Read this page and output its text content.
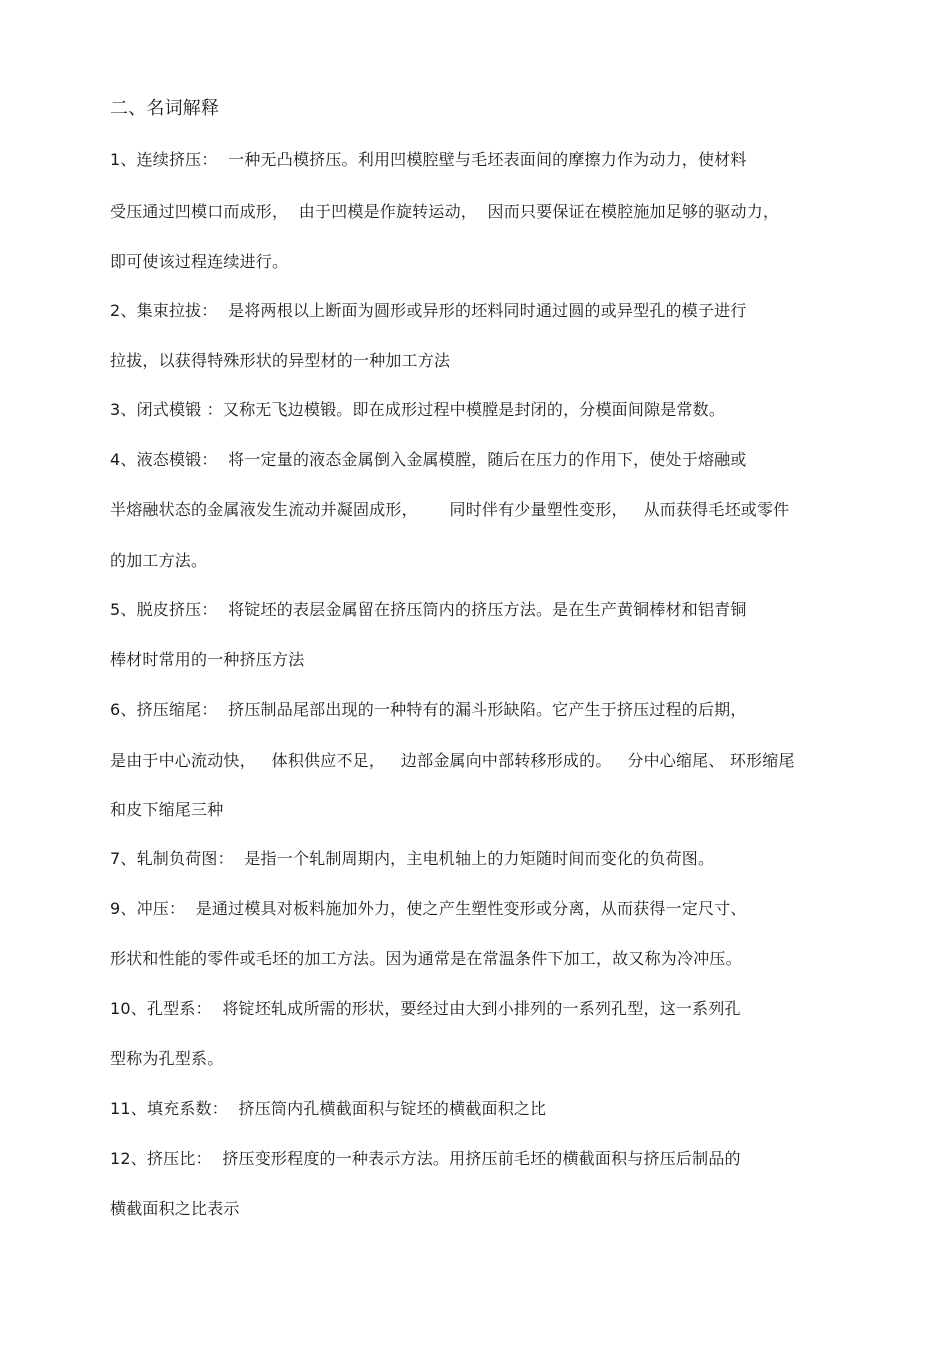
二、名词解释
1、连续挤压：  一种无凸模挤压。利用凹模腔壁与毛坯表面间的摩擦力作为动力，使材料
受压通过凹模口而成形，  由于凹模是作旋转运动，  因而只要保证在模腔施加足够的驱动力，
即可使该过程连续进行。
2、集束拉拔：  是将两根以上断面为圆形或异形的坯料同时通过圆的或异型孔的模子进行
拉拔，以获得特殊形状的异型材的一种加工方法
3、闭式模锻 ：又称无飞边模锻。即在成形过程中模膛是封闭的，分模面间隙是常数。
4、液态模锻：  将一定量的液态金属倒入金属模膛，随后在压力的作用下，使处于熔融或
半熔融状态的金属液发生流动并凝固成形，      同时伴有少量塑性变形，   从而获得毛坯或零件
的加工方法。
5、脱皮挤压：  将锭坯的表层金属留在挤压筒内的挤压方法。是在生产黄铜棒材和铝青铜
棒材时常用的一种挤压方法
6、挤压缩尾：  挤压制品尾部出现的一种特有的漏斗形缺陷。它产生于挤压过程的后期，
是由于中心流动快，   体积供应不足，   边部金属向中部转移形成的。   分中心缩尾、 环形缩尾
和皮下缩尾三种
7、轧制负荷图：  是指一个轧制周期内，主电机轴上的力矩随时间而变化的负荷图。
9、冲压：  是通过模具对板料施加外力，使之产生塑性变形或分离，从而获得一定尺寸、
形状和性能的零件或毛坯的加工方法。因为通常是在常温条件下加工，故又称为冷冲压。
10、孔型系：  将锭坯轧成所需的形状，要经过由大到小排列的一系列孔型，这一系列孔
型称为孔型系。
11、填充系数：  挤压筒内孔横截面积与锭坯的横截面积之比
12、挤压比：  挤压变形程度的一种表示方法。用挤压前毛坯的横截面积与挤压后制品的
横截面积之比表示
